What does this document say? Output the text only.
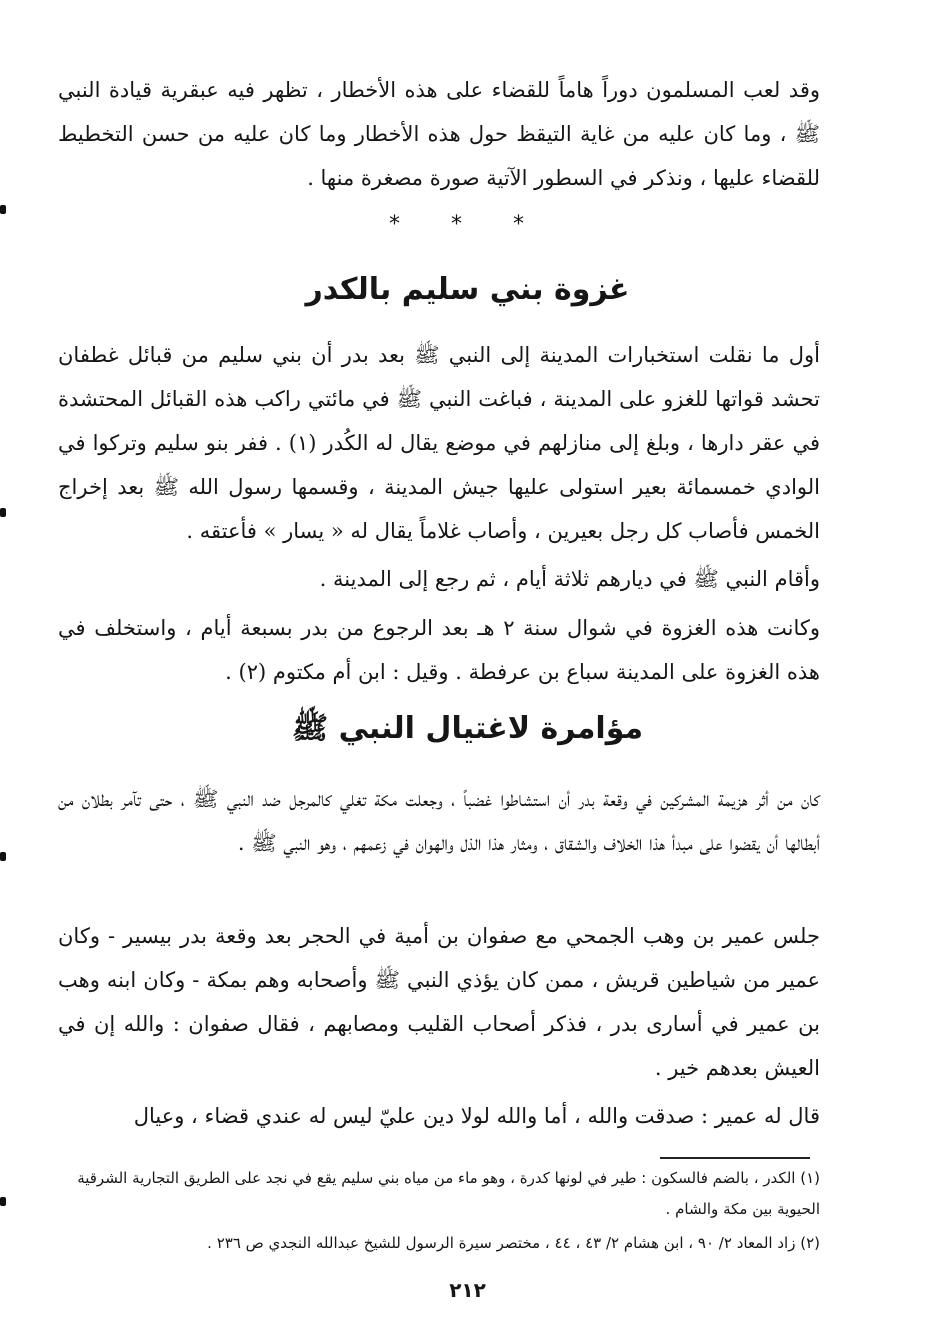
وقد لعب المسلمون دوراً هاماً للقضاء على هذه الأخطار ، تظهر فيه عبقرية قيادة النبي ﷺ ، وما كان عليه من غاية التيقظ حول هذه الأخطار وما كان عليه من حسن التخطيط للقضاء عليها ، ونذكر في السطور الآتية صورة مصغرة منها .

* * *
غزوة بني سليم بالكدر

أول ما نقلت استخبارات المدينة إلى النبي ﷺ بعد بدر أن بني سليم من قبائل غطفان تحشد قواتها للغزو على المدينة ، فباغت النبي ﷺ في مائتي راكب هذه القبائل المحتشدة في عقر دارها ، وبلغ إلى منازلهم في موضع يقال له الكُدر (١) . ففر بنو سليم وتركوا في الوادي خمسمائة بعير استولى عليها جيش المدينة ، وقسمها رسول الله ﷺ بعد إخراج الخمس فأصاب كل رجل بعيرين ، وأصاب غلاماً يقال له « يسار » فأعتقه .

وأقام النبي ﷺ في ديارهم ثلاثة أيام ، ثم رجع إلى المدينة .

وكانت هذه الغزوة في شوال سنة ٢ هـ بعد الرجوع من بدر بسبعة أيام ، واستخلف في هذه الغزوة على المدينة سباع بن عرفطة . وقيل : ابن أم مكتوم (٢) .

مؤامرة لاغتيال النبي ﷺ

كان من أثر هزيمة المشركين في وقعة بدر أن استشاطوا غضباً ، وجعلت مكة تغلي كالمرجل ضد النبي ﷺ ، حتى تآمر بطلان من أبطالها أن يقضوا على مبدأ هذا الخلاف والشقاق ، ومثار هذا الذل والهوان في زعمهم ، وهو النبي ﷺ .

جلس عمير بن وهب الجمحي مع صفوان بن أمية في الحجر بعد وقعة بدر بيسير - وكان عمير من شياطين قريش ، ممن كان يؤذي النبي ﷺ وأصحابه وهم بمكة - وكان ابنه وهب بن عمير في أسارى بدر ، فذكر أصحاب القليب ومصابهم ، فقال صفوان : والله إن في العيش بعدهم خير .

قال له عمير : صدقت والله ، أما والله لولا دين عليّ ليس له عندي قضاء ، وعيال

(١) الكدر ، بالضم فالسكون : طير في لونها كدرة ، وهو ماء من مياه بني سليم يقع في نجد على الطريق التجارية الشرقية الحيوية بين مكة والشام .

(٢) زاد المعاد ٢/ ٩٠ ، ابن هشام ٢/ ٤٣ ، ٤٤ ، مختصر سيرة الرسول للشيخ عبدالله النجدي ص ٢٣٦ .

٢١٢
